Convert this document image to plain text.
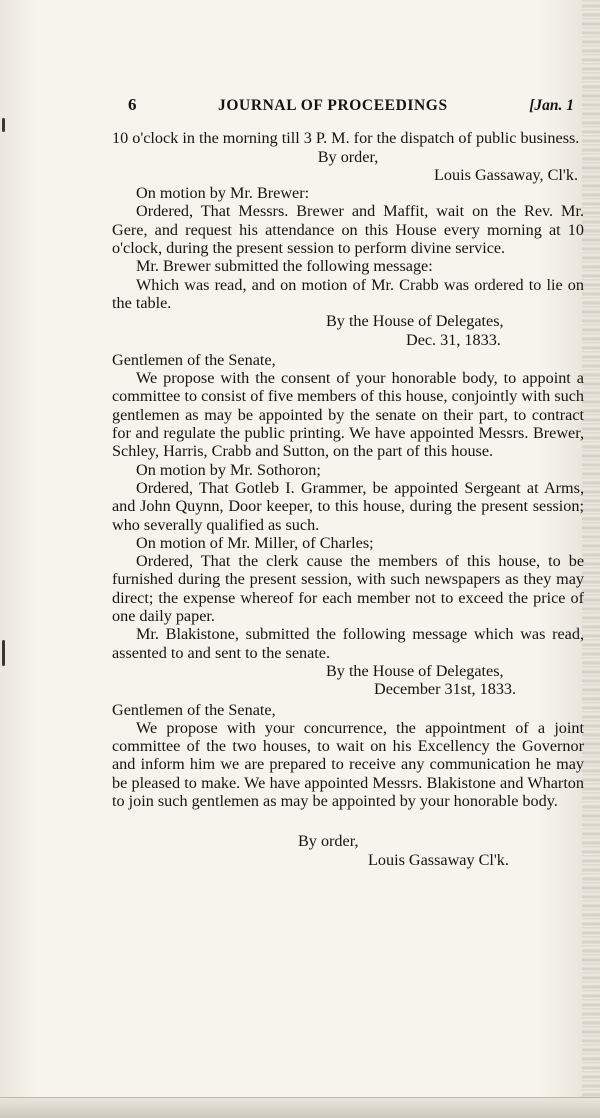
6	JOURNAL OF PROCEEDINGS	[Jan. 1

10 o'clock in the morning till 3 P. M. for the dispatch of public business.

By order,

Louis Gassaway, Cl'k.

On motion by Mr. Brewer:

Ordered, That Messrs. Brewer and Maffit, wait on the Rev. Mr. Gere, and request his attendance on this House every morning at 10 o'clock, during the present session to perform divine service.

Mr. Brewer submitted the following message:

Which was read, and on motion of Mr. Crabb was ordered to lie on the table.

By the House of Delegates,

Dec. 31, 1833.

Gentlemen of the Senate,

We propose with the consent of your honorable body, to appoint a committee to consist of five members of this house, conjointly with such gentlemen as may be appointed by the senate on their part, to contract for and regulate the public printing. We have appointed Messrs. Brewer, Schley, Harris, Crabb and Sutton, on the part of this house.

On motion by Mr. Sothoron;

Ordered, That Gotleb I. Grammer, be appointed Sergeant at Arms, and John Quynn, Door keeper, to this house, during the present session; who severally qualified as such.

On motion of Mr. Miller, of Charles;

Ordered, That the clerk cause the members of this house, to be furnished during the present session, with such newspapers as they may direct; the expense whereof for each member not to exceed the price of one daily paper.

Mr. Blakistone, submitted the following message which was read, assented to and sent to the senate.

By the House of Delegates,

December 31st, 1833.

Gentlemen of the Senate,

We propose with your concurrence, the appointment of a joint committee of the two houses, to wait on his Excellency the Governor and inform him we are prepared to receive any communication he may be pleased to make. We have appointed Messrs. Blakistone and Wharton to join such gentlemen as may be appointed by your honorable body.

By order,

Louis Gassaway Cl'k.
